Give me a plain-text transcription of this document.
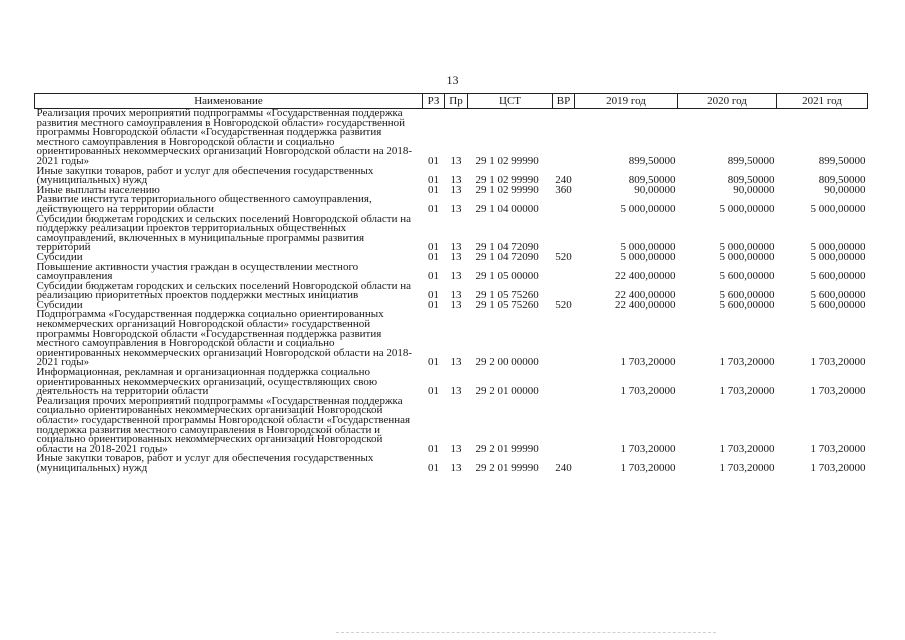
13
Наименование	РЗ	Пр	ЦСТ	ВР	2019 год	2020 год	2021 год
Реализация прочих мероприятий подпрограммы «Государственная поддержка развития местного самоуправления в Новгородской области» государственной программы Новгородской области «Государственная поддержка развития местного самоуправления в Новгородской области и социально ориентированных некоммерческих организаций Новгородской области на 2018-2021 годы»	01	13	29 1 02 99990		899,50000	899,50000	899,50000
Иные закупки товаров, работ и услуг для обеспечения государственных (муниципальных) нужд	01	13	29 1 02 99990	240	809,50000	809,50000	809,50000
Иные выплаты населению	01	13	29 1 02 99990	360	90,00000	90,00000	90,00000
Развитие института территориального общественного самоуправления, действующего на территории области	01	13	29 1 04 00000		5 000,00000	5 000,00000	5 000,00000
Субсидии бюджетам городских и сельских поселений Новгородской области на поддержку реализации проектов территориальных общественных самоуправлений, включенных в муниципальные программы развития территорий	01	13	29 1 04 72090		5 000,00000	5 000,00000	5 000,00000
Субсидии	01	13	29 1 04 72090	520	5 000,00000	5 000,00000	5 000,00000
Повышение активности участия граждан в осуществлении местного самоуправления	01	13	29 1 05 00000		22 400,00000	5 600,00000	5 600,00000
Субсидии бюджетам городских и сельских поселений Новгородской области на реализацию приоритетных проектов поддержки местных инициатив	01	13	29 1 05 75260		22 400,00000	5 600,00000	5 600,00000
Субсидии	01	13	29 1 05 75260	520	22 400,00000	5 600,00000	5 600,00000
Подпрограмма «Государственная поддержка социально ориентированных некоммерческих организаций Новгородской области» государственной программы Новгородской области «Государственная поддержка развития местного самоуправления в Новгородской области и социально ориентированных некоммерческих организаций Новгородской области на 2018-2021 годы»	01	13	29 2 00 00000		1 703,20000	1 703,20000	1 703,20000
Информационная, рекламная и организационная поддержка социально ориентированных некоммерческих организаций, осуществляющих свою деятельность на территории области	01	13	29 2 01 00000		1 703,20000	1 703,20000	1 703,20000
Реализация прочих мероприятий подпрограммы «Государственная поддержка социально ориентированных некоммерческих организаций Новгородской области» государственной программы Новгородской области «Государственная поддержка развития местного самоуправления в Новгородской области и социально ориентированных некоммерческих организаций Новгородской области на 2018-2021 годы»	01	13	29 2 01 99990		1 703,20000	1 703,20000	1 703,20000
Иные закупки товаров, работ и услуг для обеспечения государственных (муниципальных) нужд	01	13	29 2 01 99990	240	1 703,20000	1 703,20000	1 703,20000
